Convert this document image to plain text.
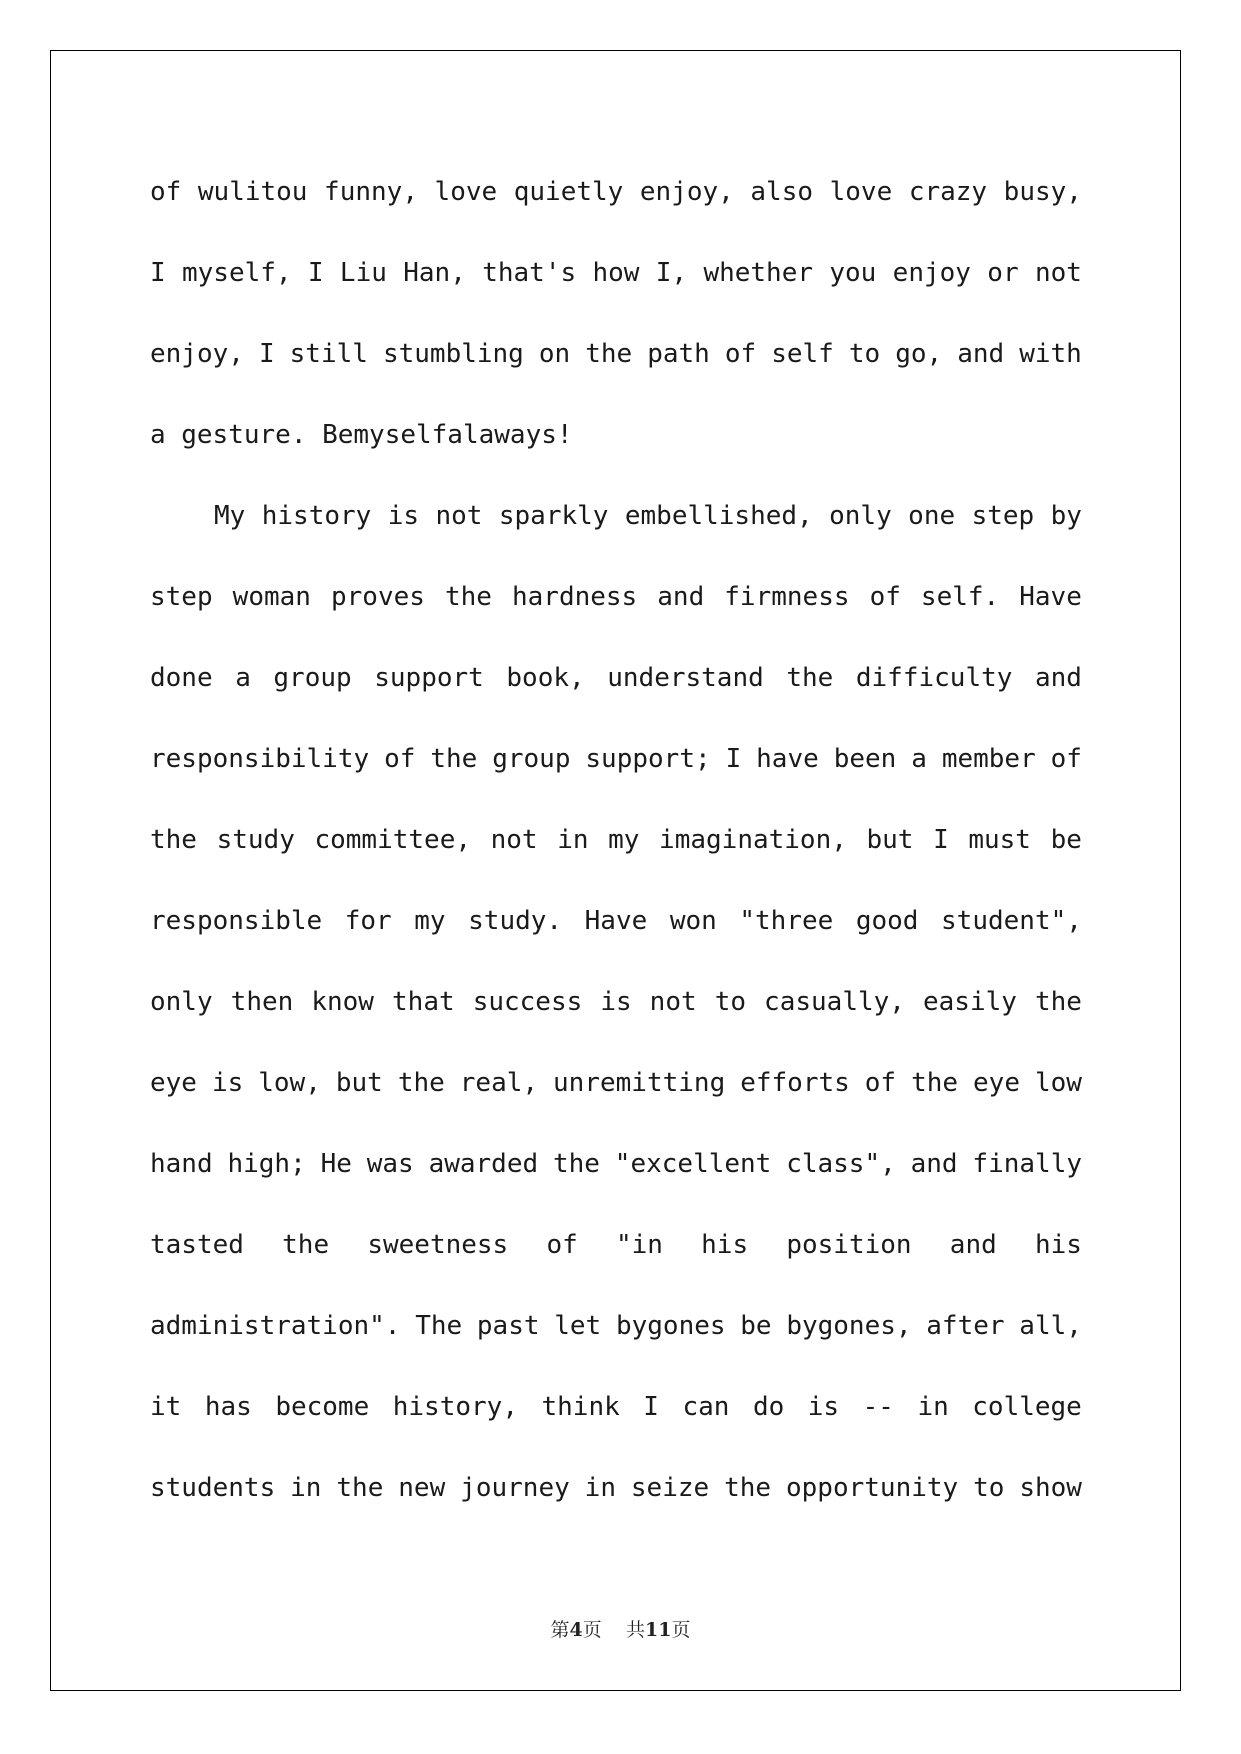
of wulitou funny, love quietly enjoy, also love crazy busy,
I myself, I Liu Han, that's how I, whether you enjoy or not
enjoy, I still stumbling on the path of self to go, and with
a gesture. Bemyselfalaways!
My history is not sparkly embellished, only one step by
step woman proves the hardness and firmness of self. Have
done a group support book, understand the difficulty and
responsibility of the group support; I have been a member of
the study committee, not in my imagination, but I must be
responsible for my study. Have won "three good student",
only then know that success is not to casually, easily the
eye is low, but the real, unremitting efforts of the eye low
hand high; He was awarded the "excellent class", and finally
tasted the sweetness of "in his position and his
administration". The past let bygones be bygones, after all,
it has become history, think I can do is -- in college
students in the new journey in seize the opportunity to show
第4页 共11页
